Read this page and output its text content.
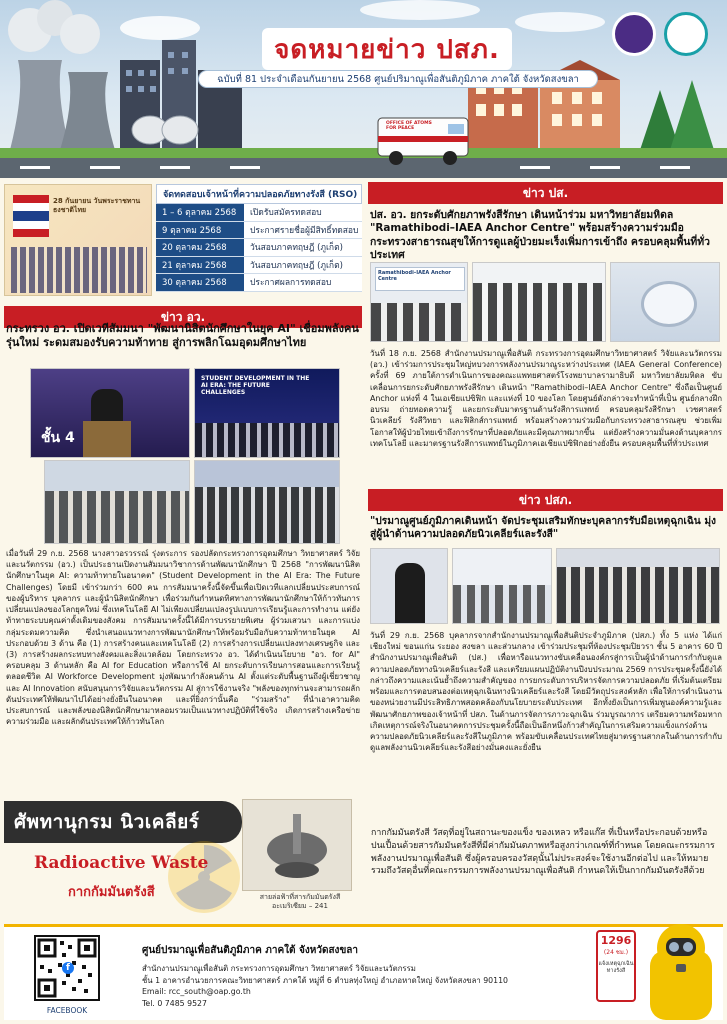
OFFICE OF ATOMS FOR PEACE
จดหมายข่าว ปสภ.
ฉบับที่ 81 ประจำเดือนกันยายน 2568 ศูนย์ปริมาณูเพื่อสันติภูมิภาค ภาคใต้ จังหวัดสงขลา
28 กันยายน วันพระราชทานธงชาติไทย
จัดทดสอบเจ้าหน้าที่ความปลอดภัยทางรังสี (RSO)
1 – 6 ตุลาคม 2568	เปิดรับสมัครทดสอบ
9 ตุลาคม 2568	ประกาศรายชื่อผู้มีสิทธิ์ทดสอบ
20 ตุลาคม 2568	วันสอบภาคทฤษฎี (ภูเก็ต)
21 ตุลาคม 2568	วันสอบภาคทฤษฎี (ภูเก็ต)
30 ตุลาคม 2568	ประกาศผลการทดสอบ
ข่าว อว.
กระทรวง อว. เปิดเวทีสัมมนา "พัฒนานิสิตนักศึกษาในยุค AI" เชื่อมพลังคนรุ่นใหม่ ระดมสมองรับความท้าทาย สู่การพลิกโฉมอุดมศึกษาไทย
ชั้น 4
STUDENT DEVELOPMENT IN THE AI ERA: THE FUTURE CHALLENGES
เมื่อวันที่ 29 ก.ย. 2568 นางสาวอรวรรณ์ รุ่งตระการ รองปลัดกระทรวงการอุดมศึกษา วิทยาศาสตร์ วิจัยและนวัตกรรม (อว.) เป็นประธานเปิดงานสัมมนาวิชาการด้านพัฒนานักศึกษา ปี 2568 "การพัฒนานิสิตนักศึกษาในยุค AI: ความท้าทายในอนาคต" (Student Development in the AI Era: The Future Challenges) โดยมี เข้าร่วมกว่า 600 คน การสัมมนาครั้งนี้จัดขึ้นเพื่อเปิดเวทีแลกเปลี่ยนประสบการณ์ของผู้บริหาร บุคลากร และผู้นำนิสิตนักศึกษา เพื่อร่วมกันกำหนดทิศทางการพัฒนานักศึกษาให้ก้าวทันการเปลี่ยนแปลงของโลกยุคใหม่ ซึ่งเทคโนโลยี AI ไม่เพียงเปลี่ยนแปลงรูปแบบการเรียนรู้และการทำงาน แต่ยังท้าทายระบบคุณค่าดั้งเดิมของสังคม การสัมมนาครั้งนี้ได้มีการบรรยายพิเศษ ผู้ร่วมเสวนา และการแบ่งกลุ่มระดมความคิด ซึ่งนำเสนอแนวทางการพัฒนานักศึกษาให้พร้อมรับมือกับความท้าทายในยุค AI ประกอบด้วย 3 ด้าน คือ (1) การสร้างคนและเทคโนโลยี (2) การสร้างการเปลี่ยนแปลงทางเศรษฐกิจ และ (3) การสร้างผลกระทบทางสังคมและสิ่งแวดล้อม โดยกระทรวง อว. ได้ดำเนินนโยบาย "อว. for AI" ครอบคลุม 3 ด้านหลัก คือ AI for Education หรือการใช้ AI ยกระดับการเรียนการสอนและการเรียนรู้ตลอดชีวิต AI Workforce Development มุ่งพัฒนากำลังคนด้าน AI ตั้งแต่ระดับพื้นฐานถึงผู้เชี่ยวชาญ และ AI Innovation สนับสนุนการวิจัยและนวัตกรรม AI สู่การใช้งานจริง "พลังของทุกท่านจะสามารถผลักดันประเทศให้พัฒนาไปได้อย่างยั่งยืนในอนาคต และที่ยิ่งกว่านั้นคือ "ร่วมสร้าง" ที่นำเอาความคิด ประสบการณ์ และพลังของนิสิตนักศึกษามาหลอมรวมเป็นแนวทางปฏิบัติที่ใช้จริง เกิดการสร้างเครือข่ายความร่วมมือ และผลักดันประเทศให้ก้าวทันโลก
ข่าว ปส.
ปส. อว. ยกระดับศักยภาพรังสีรักษา เดินหน้าร่วม มหาวิทยาลัยมหิดล "Ramathibodi–IAEA Anchor Centre" พร้อมสร้างความร่วมมือกระทรวงสาธารณสุขให้การดูแลผู้ป่วยมะเร็งเพิ่มการเข้าถึง ครอบคลุมพื้นที่ทั่วประเทศ
Ramathibodi–IAEA Anchor Centre
วันที่ 18 ก.ย. 2568 สำนักงานปรมาณูเพื่อสันติ กระทรวงการอุดมศึกษาวิทยาศาสตร์ วิจัยและนวัตกรรม (อว.) เข้าร่วมการประชุมใหญ่ทบวงการพลังงานปรมาณูระหว่างประเทศ (IAEA General Conference) ครั้งที่ 69 ภายใต้การดำเนินการของคณะแพทยศาสตร์โรงพยาบาลรามาธิบดี มหาวิทยาลัยมหิดล ขับเคลื่อนการยกระดับศักยภาพรังสีรักษา เดินหน้า "Ramathibodi–IAEA Anchor Centre" ซึ่งถือเป็นศูนย์ Anchor แห่งที่ 4 ในเอเชียแปซิฟิก และแห่งที่ 10 ของโลก โดยศูนย์ดังกล่าวจะทำหน้าที่เป็น ศูนย์กลางฝึกอบรม ถ่ายทอดความรู้ และยกระดับมาตรฐานด้านรังสีการแพทย์ ครอบคลุมรังสีรักษา เวชศาสตร์นิวเคลียร์ รังสีวิทยา และฟิสิกส์การแพทย์ พร้อมสร้างความร่วมมือกับกระทรวงสาธารณสุข ช่วยเพิ่มโอกาสให้ผู้ป่วยไทยเข้าถึงการรักษาที่ปลอดภัยและมีคุณภาพมากขึ้น แต่ยังสร้างความมั่นคงด้านบุคลากร เทคโนโลยี และมาตรฐานรังสีการแพทย์ในภูมิภาคเอเชียแปซิฟิกอย่างยั่งยืน ครอบคลุมพื้นที่ทั่วประเทศ
ข่าว ปสภ.
"ปรมาณูศูนย์ภูมิภาคเดินหน้า จัดประชุมเสริมทักษะบุคลากรรับมือเหตุฉุกเฉิน มุ่งสู่ผู้นำด้านความปลอดภัยนิวเคลียร์และรังสี"
วันที่ 29 ก.ย. 2568 บุคลากรจากสำนักงานปรมาณูเพื่อสันติประจำภูมิภาค (ปสภ.) ทั้ง 5 แห่ง ได้แก่ เชียงใหม่ ขอนแก่น ระยอง สงขลา และส่วนกลาง เข้าร่วมประชุมที่ห้องประชุมปิยวรา ชั้น 5 อาคาร 60 ปี สำนักงานปรมาณูเพื่อสันติ (ปส.) เพื่อหารือแนวทางขับเคลื่อนองค์กรสู่การเป็นผู้นำด้านการกำกับดูแลความปลอดภัยทางนิวเคลียร์และรังสี และเตรียมแผนปฏิบัติงานปีงบประมาณ 2569 การประชุมครั้งนี้ยังได้กล่าวถึงความและเน้นย้ำถึงความสำคัญของ การยกระดับการบริหารจัดการความปลอดภัย ที่เริ่มต้นเตรียมพร้อมและการตอบสนองต่อเหตุฉุกเฉินทางนิวเคลียร์และรังสี โดยมีวัตถุประสงค์หลัก เพื่อให้การดำเนินงานของหน่วยงานมีประสิทธิภาพสอดคล้องกับนโยบายระดับประเทศ อีกทั้งยังเป็นการเพิ่มพูนองค์ความรู้และพัฒนาศักยภาพของเจ้าหน้าที่ ปสภ. ในด้านการจัดการภาวะฉุกเฉิน ร่วมบูรณาการ เตรียมความพร้อมหากเกิดเหตุการณ์จริงในอนาคตการประชุมครั้งนี้ถือเป็นอีกหนึ่งก้าวสำคัญในการเสริมความแข็งแกร่งด้านความปลอดภัยนิวเคลียร์และรังสีในภูมิภาค พร้อมขับเคลื่อนประเทศไทยสู่มาตรฐานสากลในด้านการกำกับดูแลพลังงานนิวเคลียร์และรังสีอย่างมั่นคงและยั่งยืน
ศัพทานุกรม นิวเคลียร์
Radioactive Waste
กากกัมมันตรังสี	สายล่อฟ้าที่สารกัมมันตรังสี อะเมริเซียม – 241
กากกัมมันตรังสี วัสดุที่อยู่ในสถานะของแข็ง ของเหลว หรือแก๊ส ที่เป็นหรือประกอบด้วยหรือปนเปื้อนด้วยสารกัมมันตรังสีที่มีค่ากัมมันตภาพหรือสูงกว่าเกณฑ์ที่กำหนด โดยคณะกรรมการพลังงานปรมาณูเพื่อสันติ ซึ่งผู้ครอบครองวัสดุนั้นไม่ประสงค์จะใช้งานอีกต่อไป และให้หมายรวมถึงวัสดุอื่นที่คณะกรรมการพลังงานปรมาณูเพื่อสันติ กำหนดให้เป็นกากกัมมันตรังสีด้วย
f
FACEBOOK
ศูนย์ปรมาณูเพื่อสันติภูมิภาค ภาคใต้ จังหวัดสงขลา
สำนักงานปรมาณูเพื่อสันติ กระทรวงการอุดมศึกษา วิทยาศาสตร์ วิจัยและนวัตกรรม
ชั้น 1 อาคารอำนวยการคณะวิทยาศาสตร์ ภาคใต้ หมู่ที่ 6 ตำบลทุ่งใหญ่ อำเภอหาดใหญ่ จังหวัดสงขลา 90110
Email: rcc_south@oap.go.th
Tel. 0 7485 9527
1296
(24 ชม.)
แจ้งเหตุฉุกเฉินทางรังสี
